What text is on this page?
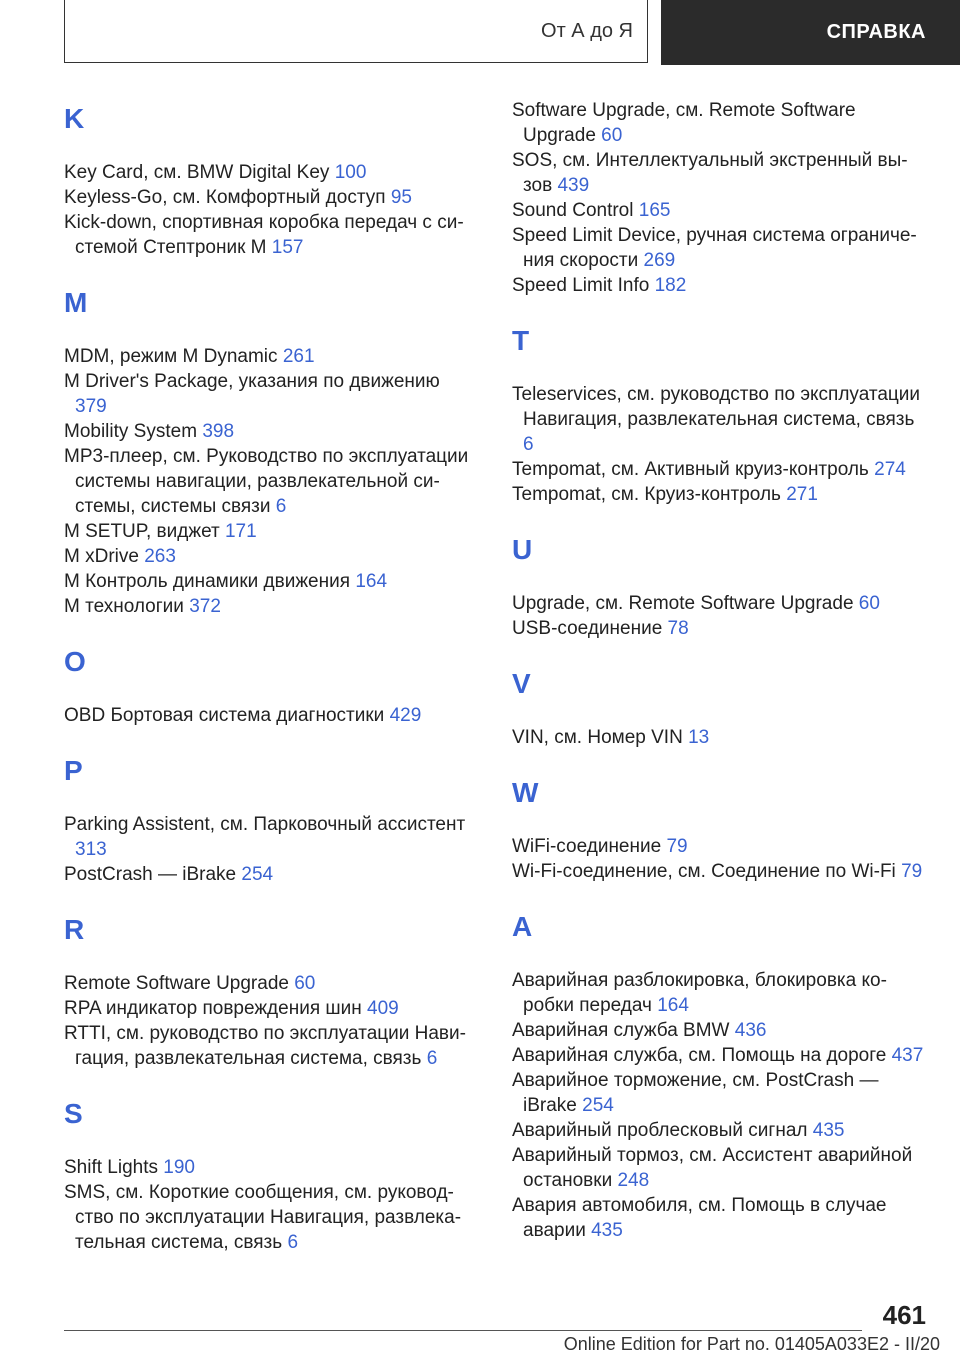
От А до Я	СПРАВКА
K
Key Card, см. BMW Digital Key 100
Keyless-Go, см. Комфортный доступ 95
Kick-down, спортивная коробка передач с системой Стептроник M 157
M
MDM, режим M Dynamic 261
M Driver's Package, указания по движению 379
Mobility System 398
MP3-плеер, см. Руководство по эксплуатации системы навигации, развлекательной системы, системы связи 6
M SETUP, виджет 171
M xDrive 263
M Контроль динамики движения 164
M технологии 372
O
OBD Бортовая система диагностики 429
P
Parking Assistent, см. Парковочный ассистент 313
PostCrash — iBrake 254
R
Remote Software Upgrade 60
RPA индикатор повреждения шин 409
RTTI, см. руководство по эксплуатации Навигация, развлекательная система, связь 6
S
Shift Lights 190
SMS, см. Короткие сообщения, см. руководство по эксплуатации Навигация, развлекательная система, связь 6
Software Upgrade, см. Remote Software Upgrade 60
SOS, см. Интеллектуальный экстренный вызов 439
Sound Control 165
Speed Limit Device, ручная система ограничения скорости 269
Speed Limit Info 182
T
Teleservices, см. руководство по эксплуатации Навигация, развлекательная система, связь 6
Tempomat, см. Активный круиз-контроль 274
Tempomat, см. Круиз-контроль 271
U
Upgrade, см. Remote Software Upgrade 60
USB-соединение 78
V
VIN, см. Номер VIN 13
W
WiFi-соединение 79
Wi-Fi-соединение, см. Соединение по Wi-Fi 79
А
Аварийная разблокировка, блокировка коробки передач 164
Аварийная служба BMW 436
Аварийная служба, см. Помощь на дороге 437
Аварийное торможение, см. PostCrash — iBrake 254
Аварийный проблесковый сигнал 435
Аварийный тормоз, см. Ассистент аварийной остановки 248
Авария автомобиля, см. Помощь в случае аварии 435
461
Online Edition for Part no. 01405A033E2 - II/20
